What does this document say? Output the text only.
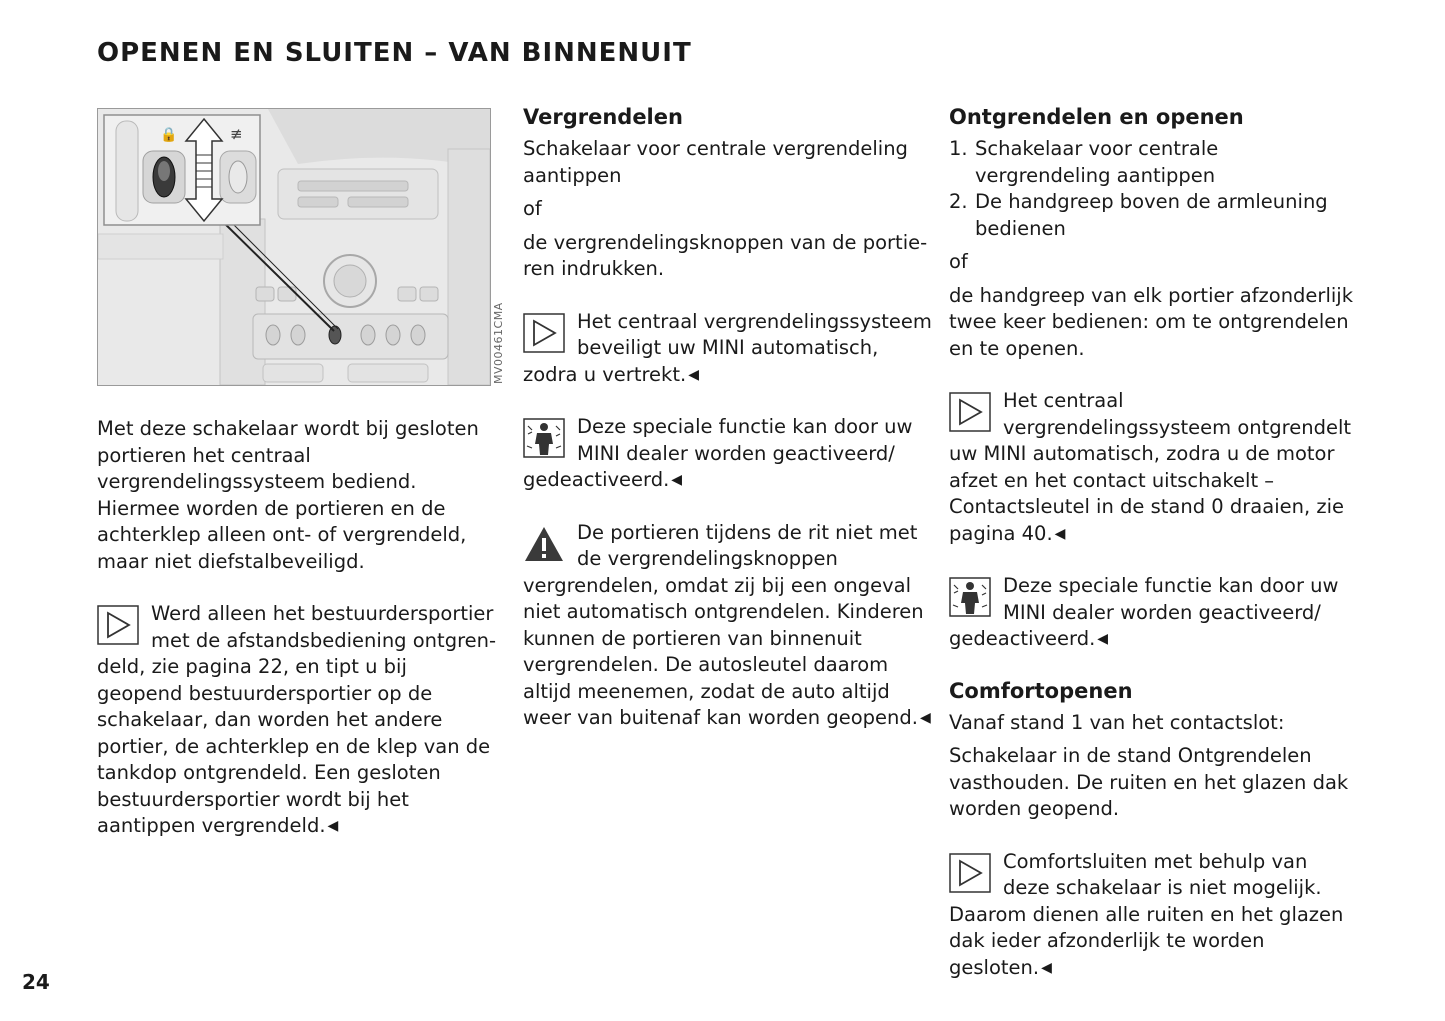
OPENEN EN SLUITEN – VAN BINNENUIT
🔒	≢
MV00461CMA

Met deze schakelaar wordt bij gesloten portieren het centraal vergrendelingssysteem bediend. Hiermee worden de portieren en de achterklep alleen ont- of vergrendeld, maar niet diefstalbeveiligd.

Werd alleen het bestuurdersportier met de afstandsbediening ontgrendeld, zie pagina 22, en tipt u bij geopend bestuurdersportier op de schakelaar, dan worden het andere portier, de achterklep en de klep van de tankdop ontgrendeld. Een gesloten bestuurdersportier wordt bij het aantippen vergrendeld. ◀
Vergrendelen

Schakelaar voor centrale vergrendeling aantippen

of

de vergrendelingsknoppen van de portieren indrukken.

Het centraal vergrendelingssysteem beveiligt uw MINI automatisch, zodra u vertrekt. ◀
Deze speciale functie kan door uw MINI dealer worden geactiveerd/ gedeactiveerd. ◀
De portieren tijdens de rit niet met de vergrendelingsknoppen vergrendelen, omdat zij bij een ongeval niet automatisch ontgrendelen. Kinderen kunnen de portieren van binnenuit vergrendelen. De autosleutel daarom altijd meenemen, zodat de auto altijd weer van buitenaf kan worden geopend. ◀
Ontgrendelen en openen
1. Schakelaar voor centrale vergrendeling aantippen
2. De handgreep boven de armleuning bedienen

of

de handgreep van elk portier afzonderlijk twee keer bedienen: om te ontgrendelen en te openen.

Het centraal vergrendelingssysteem ontgrendelt uw MINI automatisch, zodra u de motor afzet en het contact uitschakelt – Contactsleutel in de stand 0 draaien, zie pagina 40. ◀
Deze speciale functie kan door uw MINI dealer worden geactiveerd/ gedeactiveerd. ◀
Comfortopenen

Vanaf stand 1 van het contactslot:

Schakelaar in de stand Ontgrendelen vasthouden. De ruiten en het glazen dak worden geopend.

Comfortsluiten met behulp van deze schakelaar is niet mogelijk. Daarom dienen alle ruiten en het glazen dak ieder afzonderlijk te worden gesloten. ◀
24
